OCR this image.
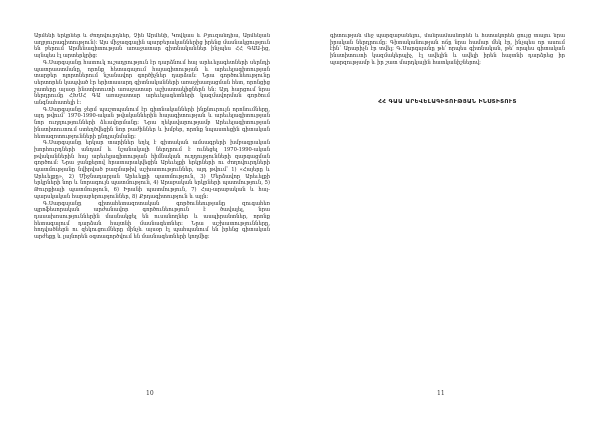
Արմենի երկրներ և ժողովուրդներ, Չին Արմենի, Կովկաս և Բյուզանդիա, Արմենյան աղբյուրագիտություն): Այս միջազգային պարբերականներից իրենց մասնակցություն են բերում Արմենագիտության առաջատար գիտնականներ ինչպես ՀՀ ԳԱԱ-ից, այնպես էլ արտերկրից:

Գ.Սարգսյանը հատուկ ուշադրություն էր դարձնում հայ արեւելագետների սերնդի պատրաստմանը, որոնք հետագայում հայագիտության և արեւելագիտության տարբեր ոլորտներում նշանավոր գործիչներ դարձան: Նրա գործունեությունը սերտորեն կապված էր երիտասարդ գիտնականների առաջխաղացման հետ, որոնցից շատերը այսօր ինստիտուտի առաջատար աշխատակիցներն են: Այդ հարցում նրա ներդրումը ՀԽՍՀ ԳԱ առաջատար արեւելագետների կազմավորման գործում անգնահատելի է:

Գ.Սարգսյանը ջերմ պաշտպանում էր գիտնականների ինքնուրույն որոնումները, այդ թվում՝ 1970-1990-ական թվականներին հայագիտության և արեւելագիտության նոր ուղղությունների ձևավորմանը: Նրա ղեկավարությամբ Արեւելագիտության ինստիտուտում ստեղծվեցին նոր բաժիններ և խմբեր, որոնք նպաստեցին գիտական հետազոտությունների ընդլայնմանը:

Գ.Սարգսյանը երկար տարիներ եղել է գիտական ամսագրերի խմբագրական խորհուրդների անդամ և նշանակալի ներդրում է ունեցել 1970-1990-ական թվականներին հայ արեւելագիտության հիմնական ուղղությունների զարգացման գործում: Նրա ջանքերով հրատարակվեցին Արեւելքի երկրների ու ժողովուրդների պատմությանը նվիրված բազմաթիվ աշխատություններ, այդ թվում՝ 1) «Հայերը և Արեւելքը», 2) Միջնադարյան Արեւելքի պատմություն, 3) Մերձավոր Արեւելքի երկրների նոր և նորագույն պատմություն, 4) Արաբական երկրների պատմություն, 5) Թուրքիայի պատմություն, 6) Իրանի պատմություն, 7) Հայ-արաբական և հայ-պարսկական հարաբերություններ, 8) Քրդագիտություն և այլն:

Գ.Սարգսյանը գիտահետազոտական գործունեությանը զուգահեռ պրոֆեսորական արժանավոր գործունեություն է ծավալել, նրա դասախոսություններին մասնակցել են ուսանողներ և ասպիրանտներ, որոնք հետագայում դարձան հայտնի մասնագետներ: Նրա աշխատությունները, հոդվածներն ու զեկուցումները մինչև այսօր էլ պահպանում են իրենց գիտական արժեքը և լայնորեն օգտագործվում են մասնագետների կողմից:

10

գիտության մեջ պարզաբանելու, մանրամասնորեն և հստակորեն ցույց տալու նրա իրական ներդրումը: Գիտականության ոճը նրա համար մեկ էր, ինչպես որ ասում էին՝ Արարիչն էր տվել: Գ.Սարգսյանը թե՛ որպես գիտնական, թե՛ որպես գիտական ինստիտուտի կազմակերպիչ, էլ ավելին և ավելի իրեն հայտնի դարձրեց իր պարզությամբ և իր շատ մարդկային հատկանիշներով:

ՀՀ ԳԱԱ ԱՐԵՎԵԼԱԳԻՏՈՒԹՅԱՆ ԻՆՍՏԻՏՈՒՏ
11
